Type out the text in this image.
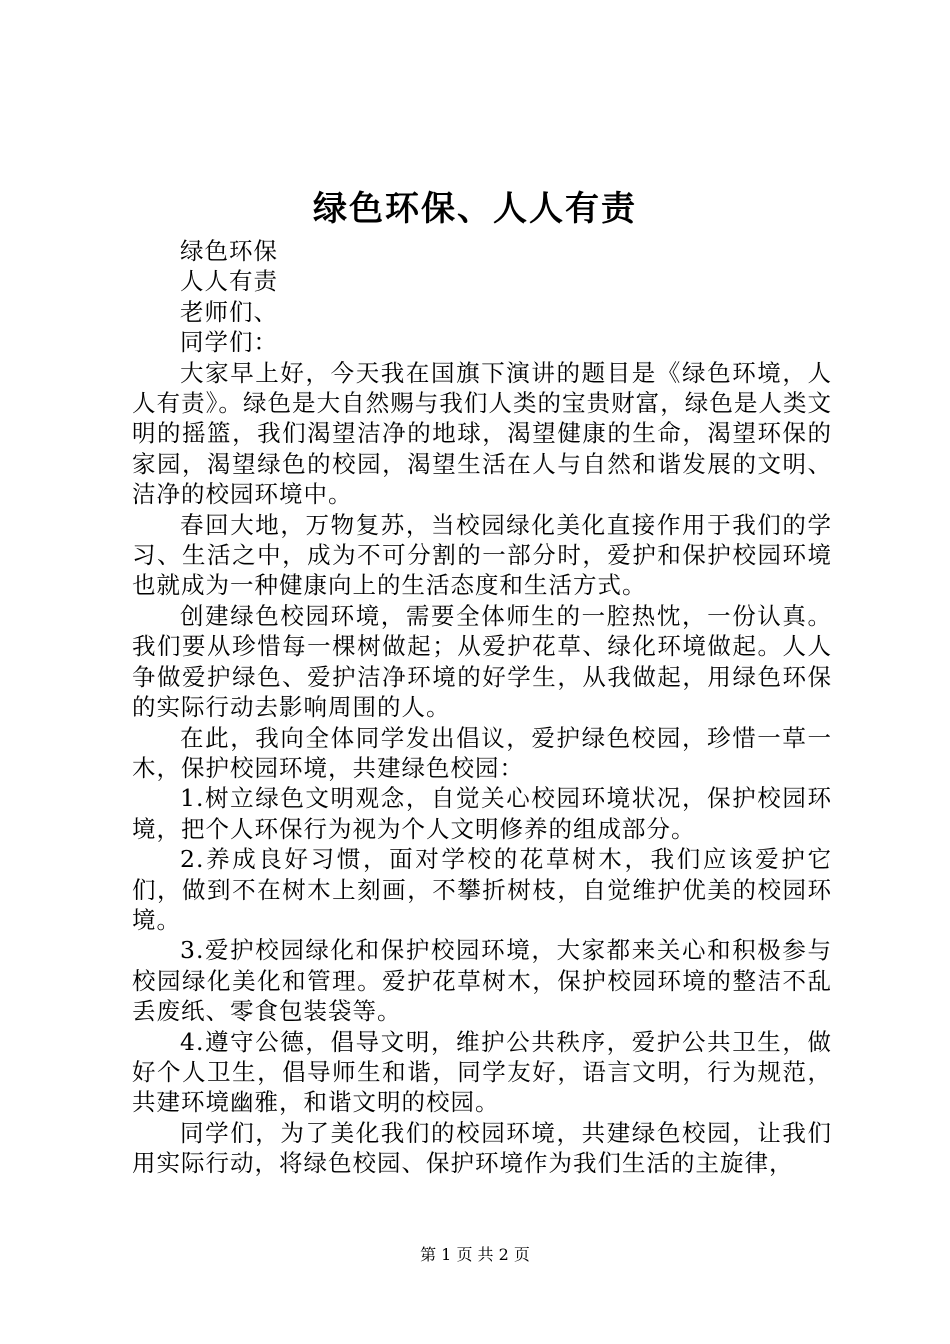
绿色环保、人人有责

绿色环保

人人有责

老师们、

同学们：

大家早上好，今天我在国旗下演讲的题目是《绿色环境，人人有责》。绿色是大自然赐与我们人类的宝贵财富，绿色是人类文明的摇篮，我们渴望洁净的地球，渴望健康的生命，渴望环保的家园，渴望绿色的校园，渴望生活在人与自然和谐发展的文明、洁净的校园环境中。

春回大地，万物复苏，当校园绿化美化直接作用于我们的学习、生活之中，成为不可分割的一部分时，爱护和保护校园环境也就成为一种健康向上的生活态度和生活方式。

创建绿色校园环境，需要全体师生的一腔热忱，一份认真。我们要从珍惜每一棵树做起；从爱护花草、绿化环境做起。人人争做爱护绿色、爱护洁净环境的好学生，从我做起，用绿色环保的实际行动去影响周围的人。

在此，我向全体同学发出倡议，爱护绿色校园，珍惜一草一木，保护校园环境，共建绿色校园：

1.树立绿色文明观念，自觉关心校园环境状况，保护校园环境，把个人环保行为视为个人文明修养的组成部分。

2.养成良好习惯，面对学校的花草树木，我们应该爱护它们，做到不在树木上刻画，不攀折树枝，自觉维护优美的校园环境。

3.爱护校园绿化和保护校园环境，大家都来关心和积极参与校园绿化美化和管理。爱护花草树木，保护校园环境的整洁不乱丢废纸、零食包装袋等。

4.遵守公德，倡导文明，维护公共秩序，爱护公共卫生，做好个人卫生，倡导师生和谐，同学友好，语言文明，行为规范，共建环境幽雅，和谐文明的校园。

同学们，为了美化我们的校园环境，共建绿色校园，让我们用实际行动，将绿色校园、保护环境作为我们生活的主旋律，

第 1 页 共 2 页
